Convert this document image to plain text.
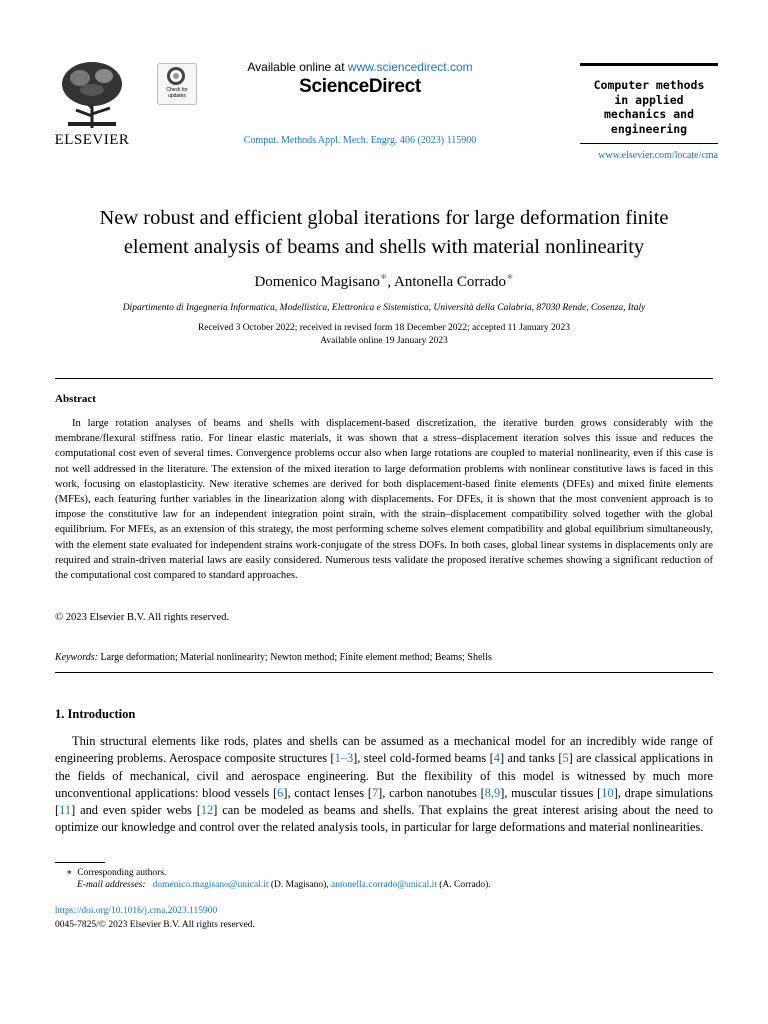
ELSEVIER
Check for updates
Available online at www.sciencedirect.com
ScienceDirect
Comput. Methods Appl. Mech. Engrg. 406 (2023) 115900
Computer methods
in applied
mechanics and
engineering
www.elsevier.com/locate/cma
New robust and efficient global iterations for large deformation finite
element analysis of beams and shells with material nonlinearity
Domenico Magisano∗, Antonella Corrado∗
Dipartimento di Ingegneria Informatica, Modellistica, Elettronica e Sistemistica, Università della Calabria, 87030 Rende, Cosenza, Italy
Received 3 October 2022; received in revised form 18 December 2022; accepted 11 January 2023
Available online 19 January 2023
Abstract

In large rotation analyses of beams and shells with displacement-based discretization, the iterative burden grows considerably with the membrane/flexural stiffness ratio. For linear elastic materials, it was shown that a stress–displacement iteration solves this issue and reduces the computational cost even of several times. Convergence problems occur also when large rotations are coupled to material nonlinearity, even if this case is not well addressed in the literature. The extension of the mixed iteration to large deformation problems with nonlinear constitutive laws is faced in this work, focusing on elastoplasticity. New iterative schemes are derived for both displacement-based finite elements (DFEs) and mixed finite elements (MFEs), each featuring further variables in the linearization along with displacements. For DFEs, it is shown that the most convenient approach is to impose the constitutive law for an independent integration point strain, with the strain–displacement compatibility solved together with the global equilibrium. For MFEs, as an extension of this strategy, the most performing scheme solves element compatibility and global equilibrium simultaneously, with the element state evaluated for independent strains work-conjugate of the stress DOFs. In both cases, global linear systems in displacements only are required and strain-driven material laws are easily considered. Numerous tests validate the proposed iterative schemes showing a significant reduction of the computational cost compared to standard approaches.

© 2023 Elsevier B.V. All rights reserved.
Keywords: Large deformation; Material nonlinearity; Newton method; Finite element method; Beams; Shells
1. Introduction

Thin structural elements like rods, plates and shells can be assumed as a mechanical model for an incredibly wide range of engineering problems. Aerospace composite structures [1–3], steel cold-formed beams [4] and tanks [5] are classical applications in the fields of mechanical, civil and aerospace engineering. But the flexibility of this model is witnessed by much more unconventional applications: blood vessels [6], contact lenses [7], carbon nanotubes [8,9], muscular tissues [10], drape simulations [11] and even spider webs [12] can be modeled as beams and shells. That explains the great interest arising about the need to optimize our knowledge and control over the related analysis tools, in particular for large deformations and material nonlinearities.

∗ Corresponding authors.
E-mail addresses: domenico.magisano@unical.it (D. Magisano), antonella.corrado@unical.it (A. Corrado).
https://doi.org/10.1016/j.cma.2023.115900
0045-7825/© 2023 Elsevier B.V. All rights reserved.
